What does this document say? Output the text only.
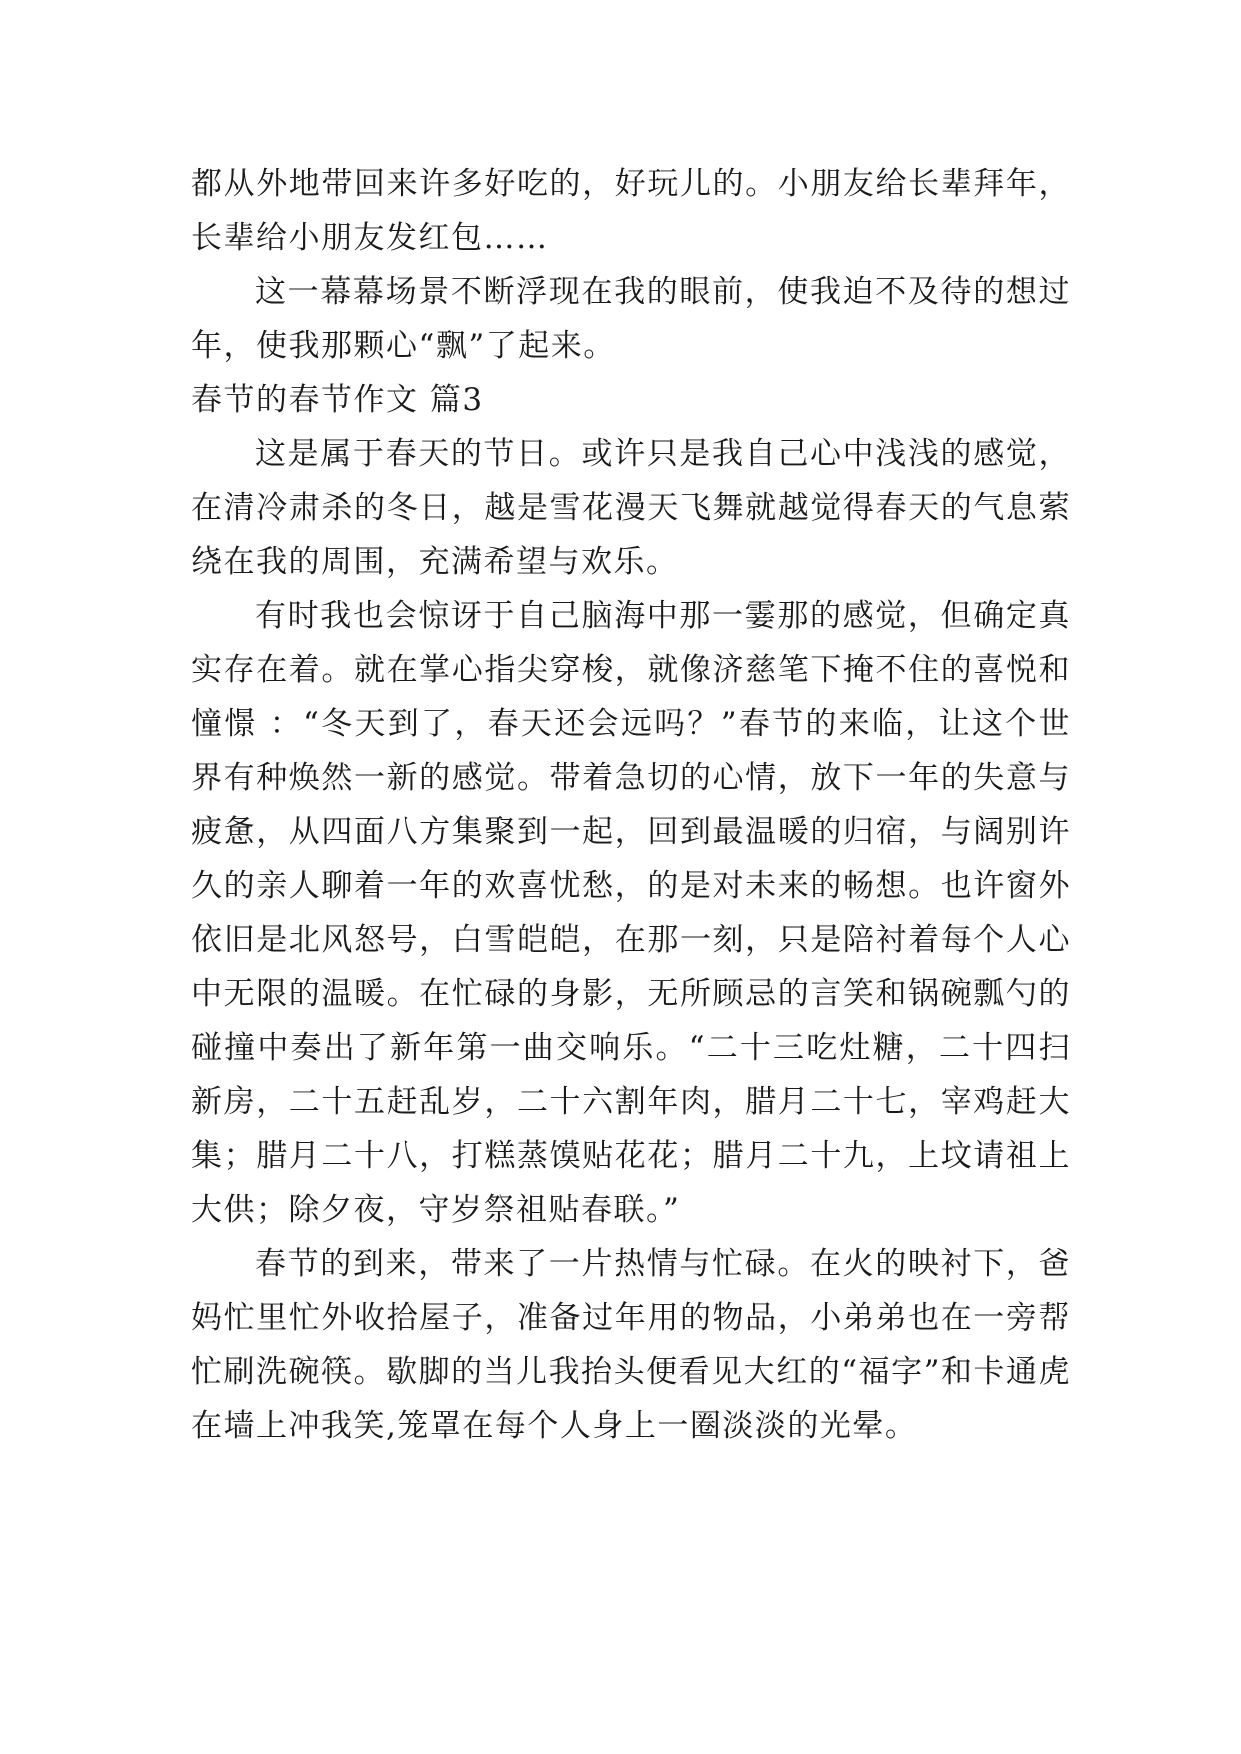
都从外地带回来许多好吃的，好玩儿的。小朋友给长辈拜年，长辈给小朋友发红包……

这一幕幕场景不断浮现在我的眼前，使我迫不及待的想过年，使我那颗心“飘”了起来。

春节的春节作文 篇3

这是属于春天的节日。或许只是我自己心中浅浅的感觉，在清冷肃杀的冬日，越是雪花漫天飞舞就越觉得春天的气息萦绕在我的周围，充满希望与欢乐。

有时我也会惊讶于自己脑海中那一霎那的感觉，但确定真实存在着。就在掌心指尖穿梭，就像济慈笔下掩不住的喜悦和 憧憬 ：“冬天到了，春天还会远吗？”春节的来临，让这个世界有种焕然一新的感觉。带着急切的心情，放下一年的失意与疲惫，从四面八方集聚到一起，回到最温暖的归宿，与阔别许久的亲人聊着一年的欢喜忧愁，的是对未来的畅想。也许窗外依旧是北风怒号，白雪皑皑，在那一刻，只是陪衬着每个人心中无限的温暖。在忙碌的身影，无所顾忌的言笑和锅碗瓢勺的碰撞中奏出了新年第一曲交响乐。“二十三吃灶糖，二十四扫新房，二十五赶乱岁，二十六割年肉，腊月二十七，宰鸡赶大集；腊月二十八，打糕蒸馍贴花花；腊月二十九，上坟请祖上大供；除夕夜，守岁祭祖贴春联。”

春节的到来，带来了一片热情与忙碌。在火的映衬下，爸妈忙里忙外收拾屋子，准备过年用的物品，小弟弟也在一旁帮忙刷洗碗筷。歇脚的当儿我抬头便看见大红的“福字”和卡通虎在墙上冲我笑,笼罩在每个人身上一圈淡淡的光晕。
